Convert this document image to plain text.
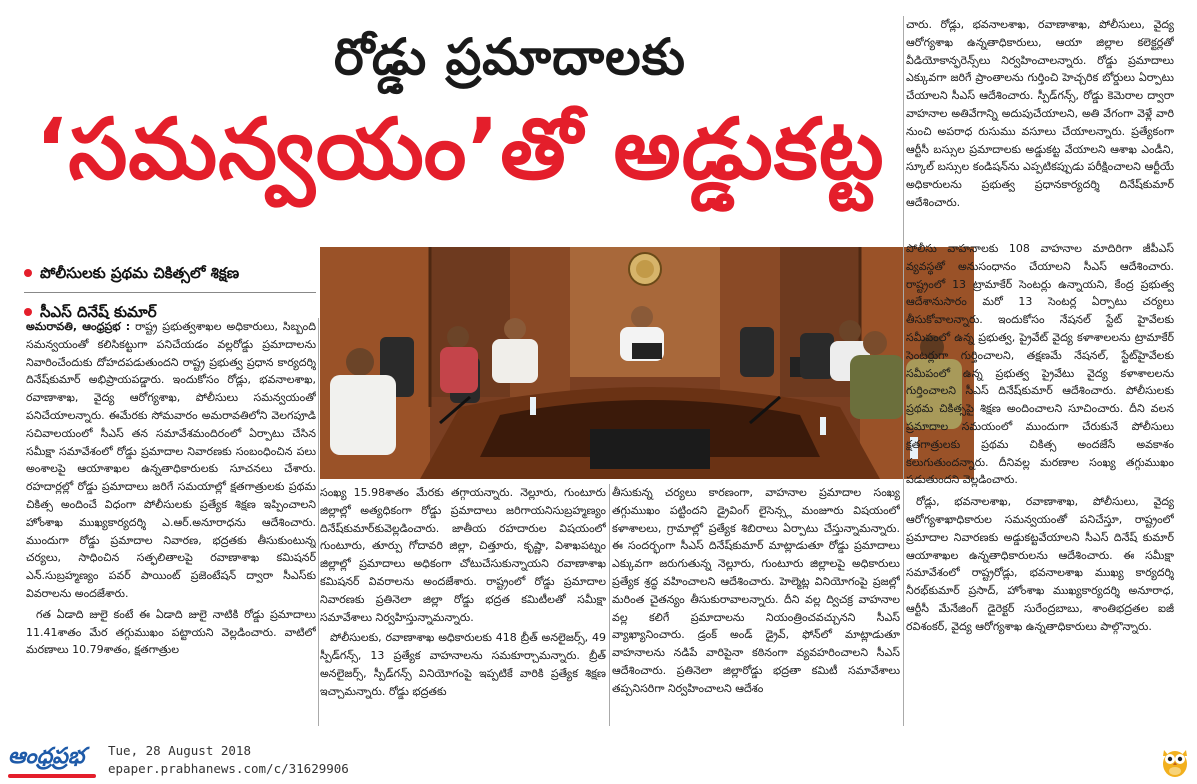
రోడ్డు ప్రమాదాలకు
‘సమన్వయం’తో అడ్డుకట్ట
పోలీసులకు ప్రథమ చికిత్సలో శిక్షణ
సీఎస్ దినేష్ కుమార్

అమరావతి, ఆంధ్రప్రభ : రాష్ట్ర ప్రభుత్వశాఖల అధికారులు, సిబ్బంది సమన్వయంతో కలిసికట్టుగా పనిచేయడం వల్లరోడ్డు ప్రమాదాలను నివారించేందుకు దోహదపడుతుందని రాష్ట్ర ప్రభుత్వ ప్రధాన కార్యదర్శి దినేష్‌కుమార్ అభిప్రాయపడ్డారు. ఇందుకోసం రోడ్లు, భవనాలశాఖ, రవాణాశాఖ, వైద్య ఆరోగ్యశాఖ, పోలీసులు సమన్వయంతో పనిచేయాలన్నారు. ఈమేరకు సోమవారం అమరావతిలోని వెలగపూడి సచివాలయంలో సీఎస్ తన సమావేశమందిరంలో ఏర్పాటు చేసిన సమీక్షా సమావేశంలో రోడ్డు ప్రమాదాల నివారణకు సంబంధించిన పలు అంశాలపై ఆయాశాఖల ఉన్నతాధికారులకు సూచనలు చేశారు. రహదార్లల్లో రోడ్డు ప్రమాదాలు జరిగే సమయాల్లో క్షతగాత్రులకు ప్రథమ చికిత్స అందించే విధంగా పోలీసులకు ప్రత్యేక శిక్షణ ఇప్పించాలని హోంశాఖ ముఖ్యకార్యదర్శి ఎ.ఆర్.అనూరాధను ఆదేశించారు. ముందుగా రోడ్డు ప్రమాదాల నివారణ, భద్రతకు తీసుకుంటున్న చర్యలు, సాధించిన సత్ఫలితాలపై రవాణాశాఖ కమిషనర్ ఎన్.సుబ్రహ్మణ్యం పవర్ పాయింట్ ప్రజెంటేషన్ ద్వారా సీఎస్‌కు వివరాలను అందజేశారు.

గత ఏడాది జులై కంటే ఈ ఏడాది జులై నాటికి రోడ్డు ప్రమాదాలు 11.41శాతం మేర తగ్గుముఖం పట్టాయని వెల్లడించారు. వాటిలో మరణాలు 10.79శాతం, క్షతగాత్రుల

సంఖ్య 15.98శాతం మేరకు తగ్గాయన్నారు. నెల్లూరు, గుంటూరు జిల్లాల్లో అత్యధికంగా రోడ్డు ప్రమాదాలు జరిగాయనిసుబ్రహ్మణ్యం దినేష్‌కుమార్‌కువెల్లడించారు. జాతీయ రహదారుల విషయంలో గుంటూరు, తూర్పు గోదావరి జిల్లా, చిత్తూరు, కృష్ణా, విశాఖపట్నం జిల్లాల్లో ప్రమాదాలు అధికంగా చోటుచేసుకున్నాయని రవాణాశాఖ కమిషనర్ వివరాలను అందజేశారు. రాష్ట్రంలో రోడ్డు ప్రమాదాల నివారణకు ప్రతినెలా జిల్లా రోడ్డు భద్రత కమిటీలతో సమీక్షా సమావేశాలు నిర్వహిస్తున్నామన్నారు.

పోలీసులకు, రవాణాశాఖ అధికారులకు 418 బ్రీత్ అనలైజర్స్, 49 స్పీడ్‌గన్స్, 13 ప్రత్యేక వాహనాలను సమకూర్చామన్నారు. బ్రీత్ అనలైజర్స్, స్పీడ్‌గన్స్ వినియోగంపై ఇప్పటికే వారికి ప్రత్యేక శిక్షణ ఇచ్చామన్నారు. రోడ్డు భద్రతకు

తీసుకున్న చర్యలు కారణంగా, వాహనాల ప్రమాదాల సంఖ్య తగ్గుముఖం పట్టిందని డ్రైవింగ్ లైసెన్స్ల మంజూరు విషయంలో కళాశాలలు, గ్రామాల్లో ప్రత్యేక శిబిరాలు ఏర్పాటు చేస్తున్నామన్నారు. ఈ సందర్భంగా సీఎస్ దినేష్‌కుమార్ మాట్లాడుతూ రోడ్డు ప్రమాదాలు ఎక్కువగా జరుగుతున్న నెల్లూరు, గుంటూరు జిల్లాలపై అధికారులు ప్రత్యేక శ్రద్ధ వహించాలని ఆదేశించారు. హెల్మెట్ల వినియోగంపై ప్రజల్లో మరింత చైతన్యం తీసుకురావాలన్నారు. దీని వల్ల ద్విచక్ర వాహనాల వల్ల కలిగే ప్రమాదాలను నియంత్రించవచ్చునని సీఎస్ వ్యాఖ్యానించారు. డ్రంక్ అండ్ డ్రైవ్, ఫోన్‌లో మాట్లాడుతూ వాహనాలను నడిపే వారిపైనా కఠినంగా వ్యవహరించాలని సీఎస్ ఆదేశించారు. ప్రతినెలా జిల్లారోడ్డు భద్రతా కమిటీ సమావేశాలు తప్పనిసరిగా నిర్వహించాలని ఆదేశం

చారు. రోడ్లు, భవనాలశాఖ, రవాణాశాఖ, పోలీసులు, వైద్య ఆరోగ్యశాఖ ఉన్నతాధికారులు, ఆయా జిల్లాల కలెక్టర్లతో వీడియోకాన్ఫరెన్స్‌లు నిర్వహించాలన్నారు. రోడ్డు ప్రమాదాలు ఎక్కువగా జరిగే ప్రాంతాలను గుర్తించి హెచ్చరిక బోర్డులు ఏర్పాటు చేయాలని సీఎస్ ఆదేశించారు. స్పీడ్‌గన్స్, రోడ్డు కెమెరాల ద్వారా వాహనాల అతివేగాన్ని అదుపుచేయాలని, అతి వేగంగా వెళ్లే వారి నుంచి అపరాధ రుసుము వసూలు చేయాలన్నారు. ప్రత్యేకంగా ఆర్టీసీ బస్సుల ప్రమాదాలకు అడ్డుకట్ట వేయాలని ఆశాఖ ఎండీని, స్కూల్ బస్సుల కండిషన్‌ను ఎప్పటికప్పుడు పరీక్షించాలని ఆర్టీయే అధికారులను ప్రభుత్వ ప్రధానకార్యదర్శి దినేష్‌కుమార్ ఆదేశించారు.

పోలీసు వాహనాలకు 108 వాహనాల మాదిరిగా జీపీఎస్ వ్యవస్థతో అనుసంధానం చేయాలని సీఎస్ ఆదేశించారు. రాష్ట్రంలో 13 ట్రామాకేర్ సెంటర్లు ఉన్నాయని, కేంద్ర ప్రభుత్వ ఆదేశానుసారం మరో 13 సెంటర్ల ఏర్పాటు చర్యలు తీసుకోవాలన్నారు. ఇందుకోసం నేషనల్ స్టేట్ హైవేలకు సమీపంలో ఉన్న ప్రభుత్వ, ప్రైవేట్ వైద్య కళాశాలలను ట్రామాకేర్ సెంటర్లుగా గుర్తించాలని, తక్షణమే నేషనల్, స్టేట్‌హైవేలకు సమీపంలో ఉన్న ప్రభుత్వ ప్రైవేటు వైద్య కళాశాలలను గుర్తించాలని సీఎస్ దినేష్‌కుమార్ ఆదేశించారు. పోలీసులకు ప్రథమ చికిత్సపై శిక్షణ అందించాలని సూచించారు. దీని వలన ప్రమాదాల సమయంలో ముందుగా చేరుకునే పోలీసులు క్షతగాత్రులకు ప్రథమ చికిత్స అందజేసే అవకాశం కలుగుతుందన్నారు. దీనివల్ల మరణాల సంఖ్య తగ్గుముఖం పడుతుందని వెల్లడించారు.

రోడ్లు, భవనాలశాఖ, రవాణాశాఖ, పోలీసులు, వైద్య ఆరోగ్యశాఖాధికారుల సమన్వయంతో పనిచేస్తూ, రాష్ట్రంలో ప్రమాదాల నివారణకు అడ్డుకట్టవేయాలని సీఎస్ దినేష్ కుమార్ ఆయాశాఖల ఉన్నతాధికారులను ఆదేశించారు. ఈ సమీక్షా సమావేశంలో రాష్ట్రరోడ్లు, భవనాలశాఖ ముఖ్య కార్యదర్శి నీరభ్‌కుమార్ ప్రసాద్, హోంశాఖ ముఖ్యకార్యదర్శి అనూరాధ, ఆర్టీసీ మేనేజింగ్ డైరెక్టర్ సురేంద్రబాబు, శాంతిభద్రతల ఐజీ రవిశంకర్, వైద్య ఆరోగ్యశాఖ ఉన్నతాధికారులు పాల్గొన్నారు.

ఆంధ్రప్రభ Tue, 28 August 2018
epaper.prabhanews.com/c/31629906
